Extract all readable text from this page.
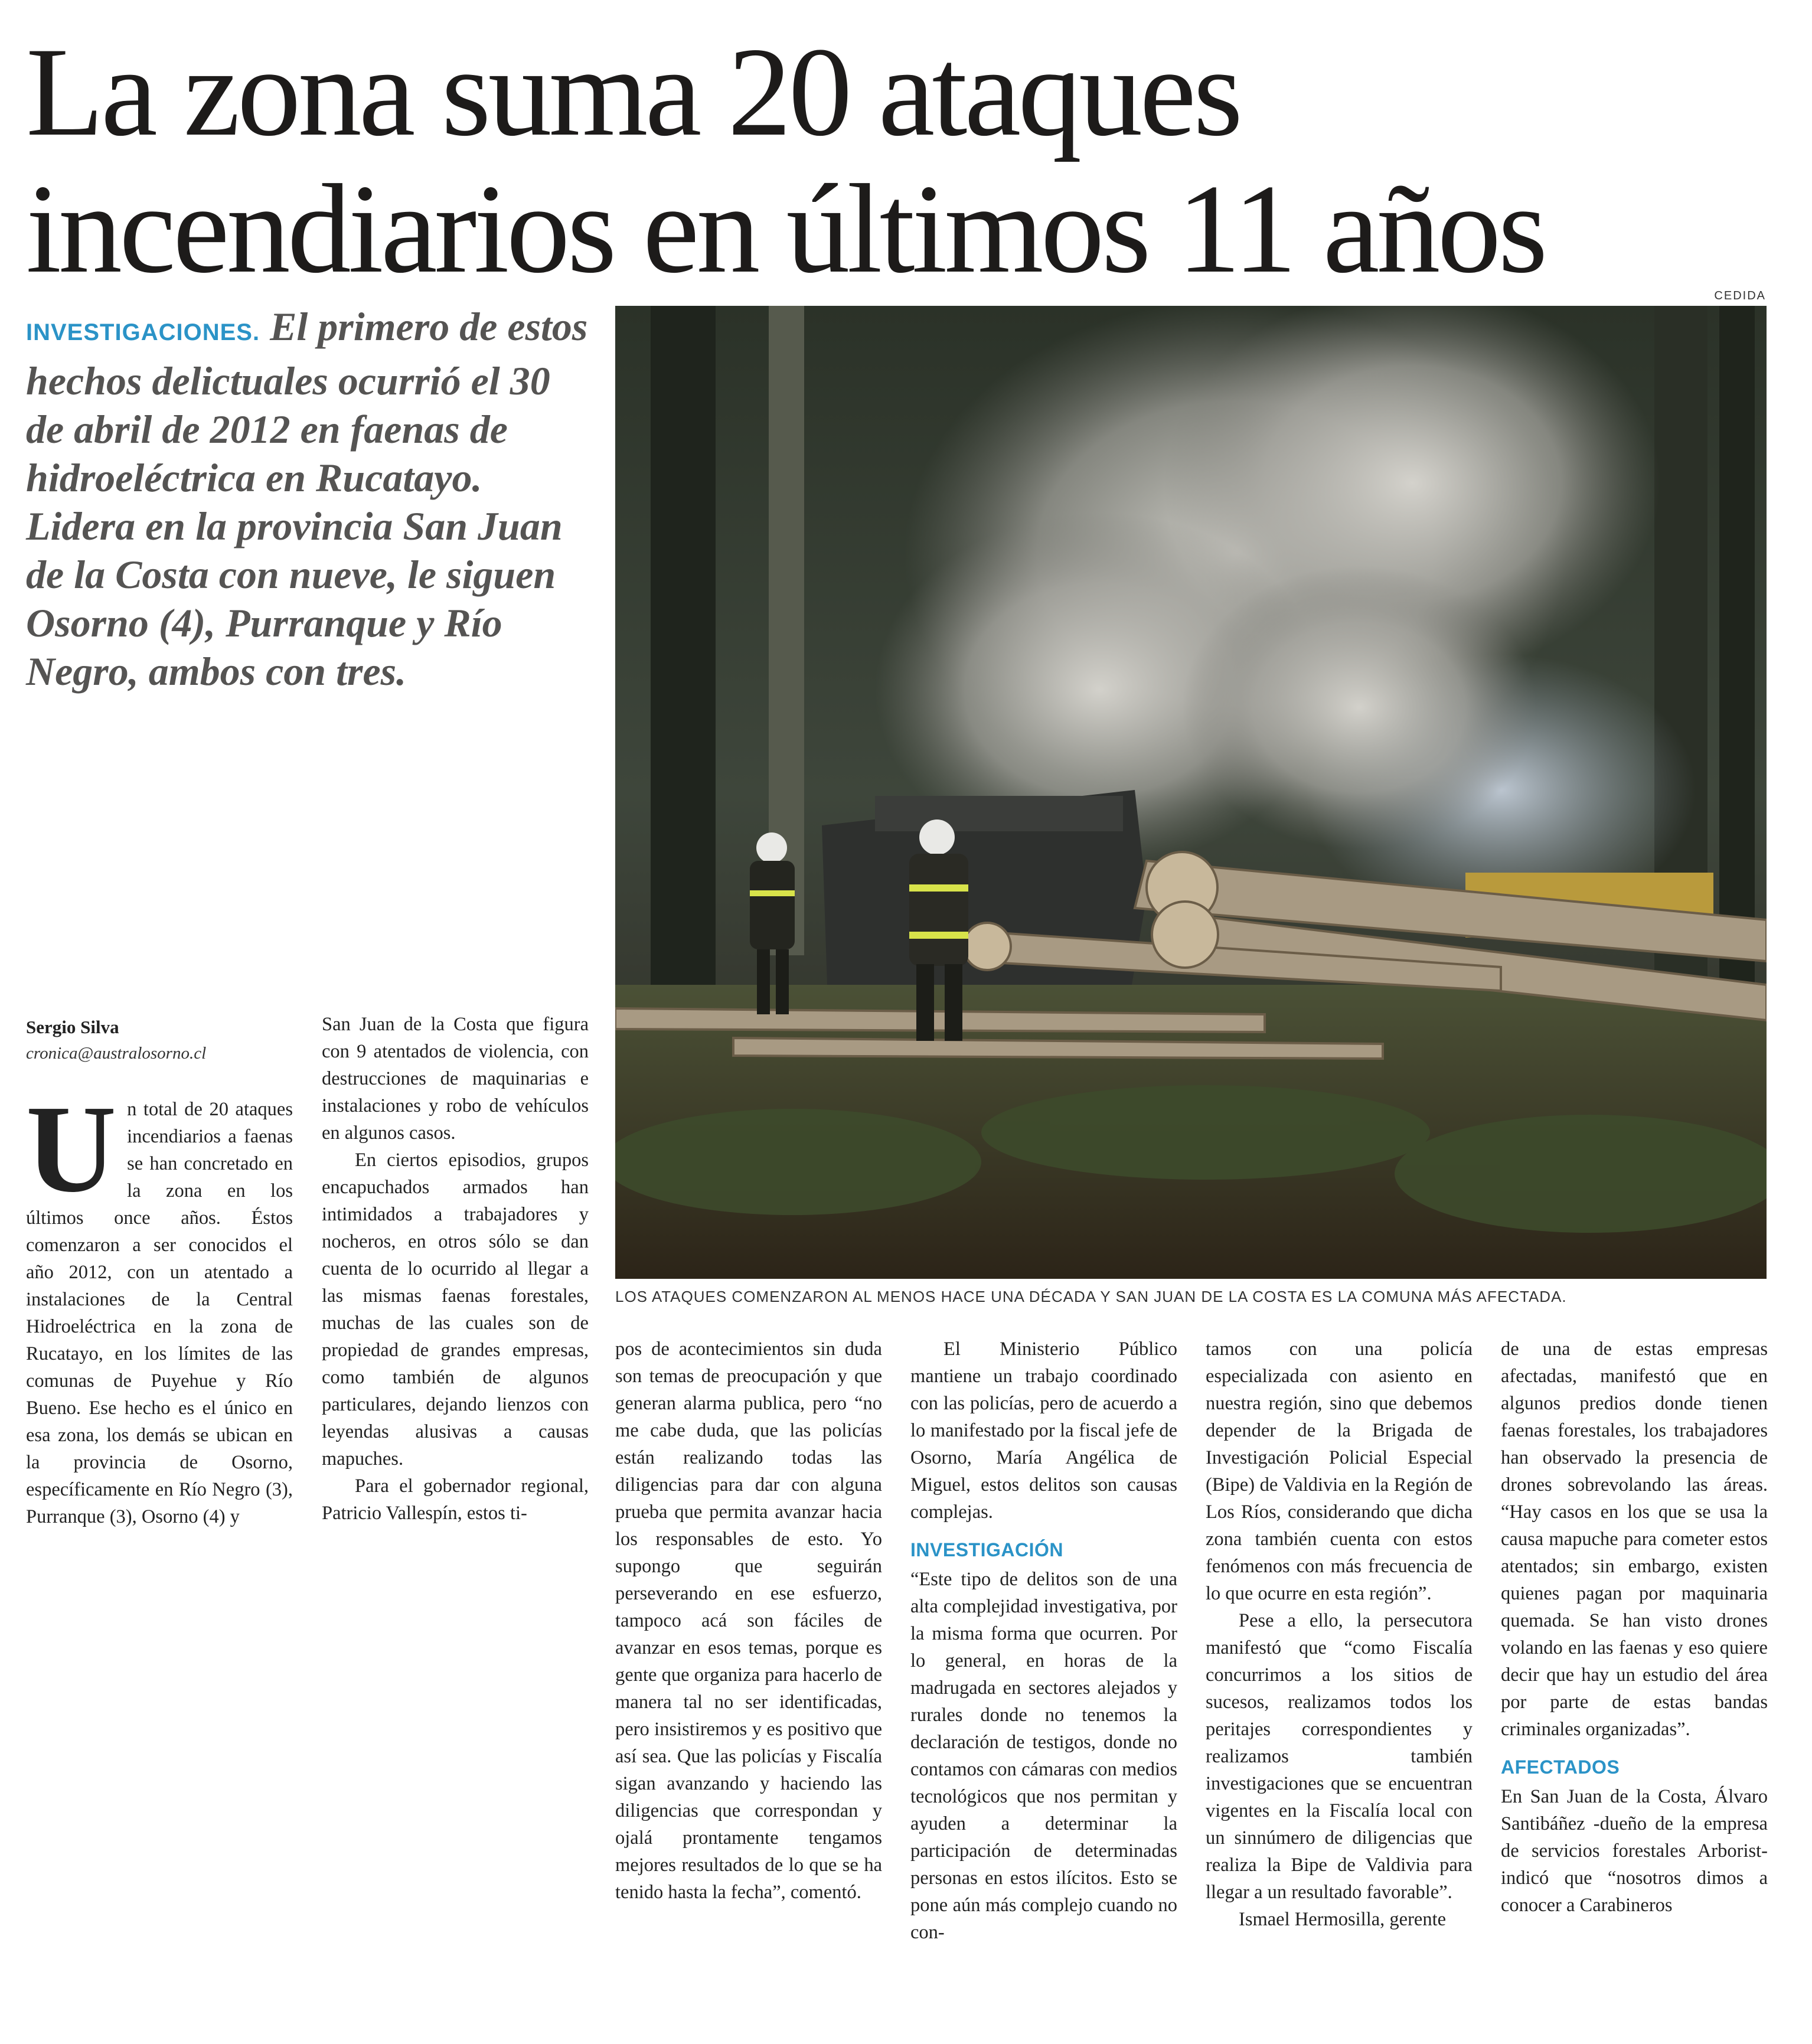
La zona suma 20 ataques
incendiarios en últimos 11 años
INVESTIGACIONES. El primero de estos hechos delictuales ocurrió el 30 de abril de 2012 en faenas de hidroeléctrica en Rucatayo. Lidera en la provincia San Juan de la Costa con nueve, le siguen Osorno (4), Purranque y Río Negro, ambos con tres.
CEDIDA
LOS ATAQUES COMENZARON AL MENOS HACE UNA DÉCADA Y SAN JUAN DE LA COSTA ES LA COMUNA MÁS AFECTADA.
Sergio Silva
cronica@australosorno.cl
U n total de 20 ataques incendiarios a faenas se han concretado en la zona en los últimos once años. Éstos comenzaron a ser conocidos el año 2012, con un atentado a instalaciones de la Central Hidroeléctrica en la zona de Rucatayo, en los límites de las comunas de Puyehue y Río Bueno. Ese hecho es el único en esa zona, los demás se ubican en la provincia de Osorno, específicamente en Río Negro (3), Purranque (3), Osorno (4) y

San Juan de la Costa que figura con 9 atentados de violencia, con destrucciones de maquinarias e instalaciones y robo de vehículos en algunos casos.

En ciertos episodios, grupos encapuchados armados han intimidados a trabajadores y nocheros, en otros sólo se dan cuenta de lo ocurrido al llegar a las mismas faenas forestales, muchas de las cuales son de propiedad de grandes empresas, como también de algunos particulares, dejando lienzos con leyendas alusivas a causas mapuches.

Para el gobernador regional, Patricio Vallespín, estos ti-

pos de acontecimientos sin duda son temas de preocupación y que generan alarma publica, pero “no me cabe duda, que las policías están realizando todas las diligencias para dar con alguna prueba que permita avanzar hacia los responsables de esto. Yo supongo que seguirán perseverando en ese esfuerzo, tampoco acá son fáciles de avanzar en esos temas, porque es gente que organiza para hacerlo de manera tal no ser identificadas, pero insistiremos y es positivo que así sea. Que las policías y Fiscalía sigan avanzando y haciendo las diligencias que correspondan y ojalá prontamente tengamos mejores resultados de lo que se ha tenido hasta la fecha”, comentó.

El Ministerio Público mantiene un trabajo coordinado con las policías, pero de acuerdo a lo manifestado por la fiscal jefe de Osorno, María Angélica de Miguel, estos delitos son causas complejas.

INVESTIGACIÓN

“Este tipo de delitos son de una alta complejidad investigativa, por la misma forma que ocurren. Por lo general, en horas de la madrugada en sectores alejados y rurales donde no tenemos la declaración de testigos, donde no contamos con cámaras con medios tecnológicos que nos permitan y ayuden a determinar la participación de determinadas personas en estos ilícitos. Esto se pone aún más complejo cuando no con-

tamos con una policía especializada con asiento en nuestra región, sino que debemos depender de la Brigada de Investigación Policial Especial (Bipe) de Valdivia en la Región de Los Ríos, considerando que dicha zona también cuenta con estos fenómenos con más frecuencia de lo que ocurre en esta región”.

Pese a ello, la persecutora manifestó que “como Fiscalía concurrimos a los sitios de sucesos, realizamos todos los peritajes correspondientes y realizamos también investigaciones que se encuentran vigentes en la Fiscalía local con un sinnúmero de diligencias que realiza la Bipe de Valdivia para llegar a un resultado favorable”.

Ismael Hermosilla, gerente

de una de estas empresas afectadas, manifestó que en algunos predios donde tienen faenas forestales, los trabajadores han observado la presencia de drones sobrevolando las áreas. “Hay casos en los que se usa la causa mapuche para cometer estos atentados; sin embargo, existen quienes pagan por maquinaria quemada. Se han visto drones volando en las faenas y eso quiere decir que hay un estudio del área por parte de estas bandas criminales organizadas”.

AFECTADOS

En San Juan de la Costa, Álvaro Santibáñez -dueño de la empresa de servicios forestales Arborist- indicó que “nosotros dimos a conocer a Carabineros
